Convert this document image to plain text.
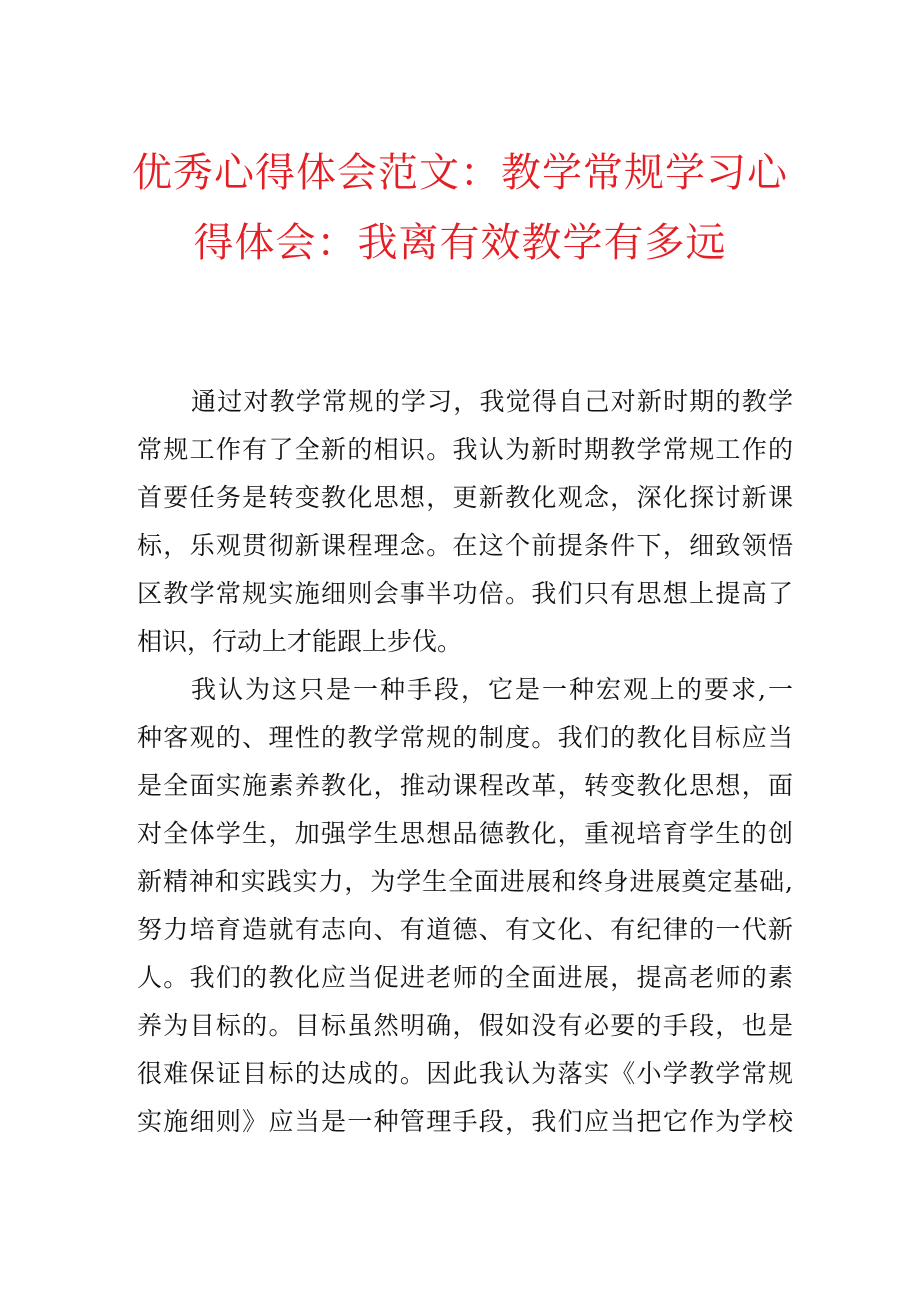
优秀心得体会范文：教学常规学习心
得体会：我离有效教学有多远
通过对教学常规的学习，我觉得自己对新时期的教学
常规工作有了全新的相识。我认为新时期教学常规工作的
首要任务是转变教化思想，更新教化观念，深化探讨新课
标，乐观贯彻新课程理念。在这个前提条件下，细致领悟
区教学常规实施细则会事半功倍。我们只有思想上提高了
相识，行动上才能跟上步伐。
我认为这只是一种手段，它是一种宏观上的要求,一
种客观的、理性的教学常规的制度。我们的教化目标应当
是全面实施素养教化，推动课程改革，转变教化思想，面
对全体学生，加强学生思想品德教化，重视培育学生的创
新精神和实践实力，为学生全面进展和终身进展奠定基础,
努力培育造就有志向、有道德、有文化、有纪律的一代新
人。我们的教化应当促进老师的全面进展，提高老师的素
养为目标的。目标虽然明确，假如没有必要的手段，也是
很难保证目标的达成的。因此我认为落实《小学教学常规
实施细则》应当是一种管理手段，我们应当把它作为学校
